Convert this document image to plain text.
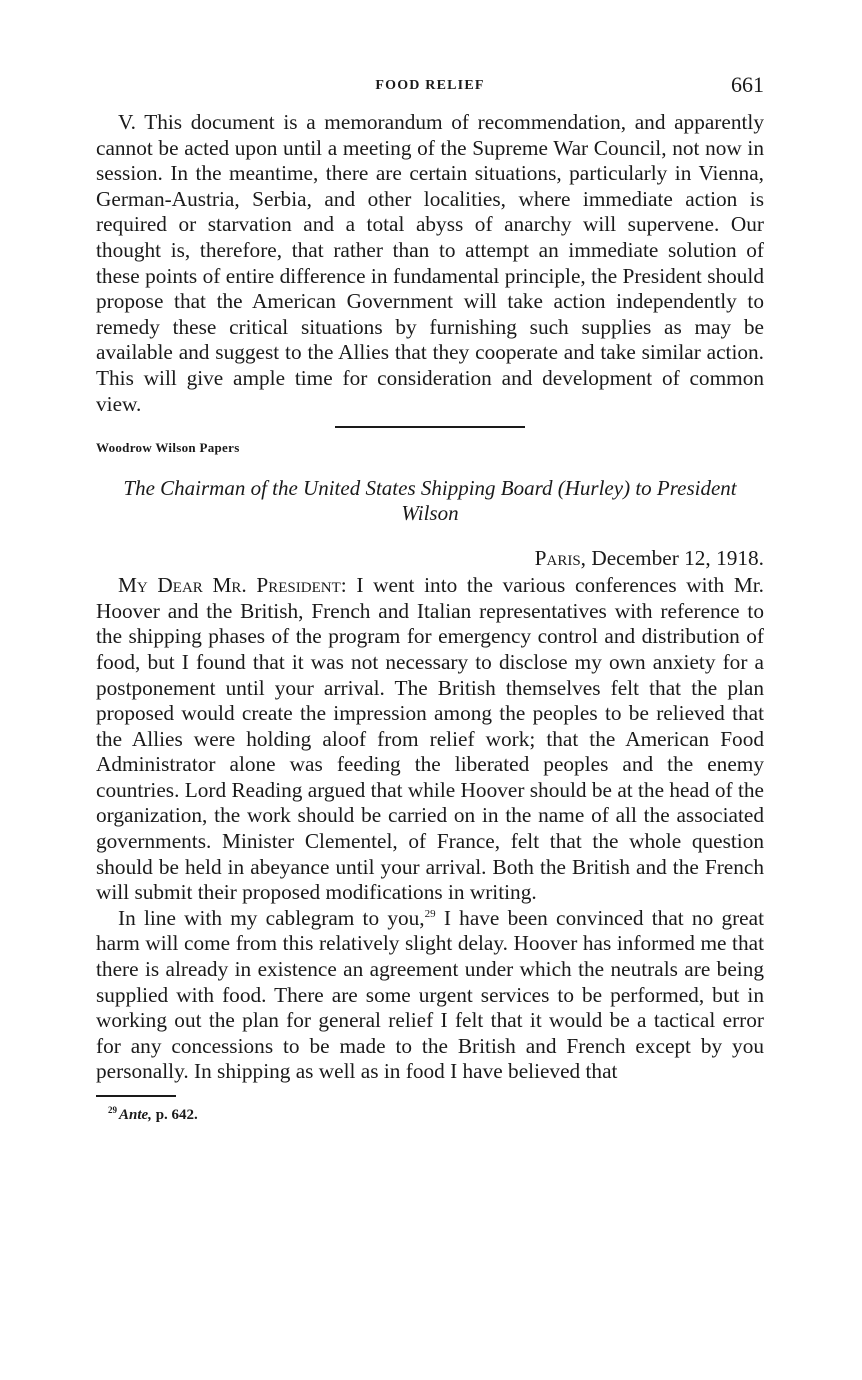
FOOD RELIEF	661

V. This document is a memorandum of recommendation, and apparently cannot be acted upon until a meeting of the Supreme War Council, not now in session. In the meantime, there are certain situations, particularly in Vienna, German-Austria, Serbia, and other localities, where immediate action is required or starvation and a total abyss of anarchy will supervene. Our thought is, therefore, that rather than to attempt an immediate solution of these points of entire difference in fundamental principle, the President should propose that the American Government will take action independently to remedy these critical situations by furnishing such supplies as may be available and suggest to the Allies that they cooperate and take similar action. This will give ample time for consideration and development of common view.

Woodrow Wilson Papers
The Chairman of the United States Shipping Board (Hurley) to President Wilson
Paris, December 12, 1918.

My Dear Mr. President: I went into the various conferences with Mr. Hoover and the British, French and Italian representatives with reference to the shipping phases of the program for emergency control and distribution of food, but I found that it was not necessary to disclose my own anxiety for a postponement until your arrival. The British themselves felt that the plan proposed would create the impression among the peoples to be relieved that the Allies were holding aloof from relief work; that the American Food Administrator alone was feeding the liberated peoples and the enemy countries. Lord Reading argued that while Hoover should be at the head of the organization, the work should be carried on in the name of all the associated governments. Minister Clementel, of France, felt that the whole question should be held in abeyance until your arrival. Both the British and the French will submit their proposed modifications in writing.

In line with my cablegram to you,$^{29}$ I have been convinced that no great harm will come from this relatively slight delay. Hoover has informed me that there is already in existence an agreement under which the neutrals are being supplied with food. There are some urgent services to be performed, but in working out the plan for general relief I felt that it would be a tactical error for any concessions to be made to the British and French except by you personally. In shipping as well as in food I have believed that

$^{29}$ Ante, p. 642.
